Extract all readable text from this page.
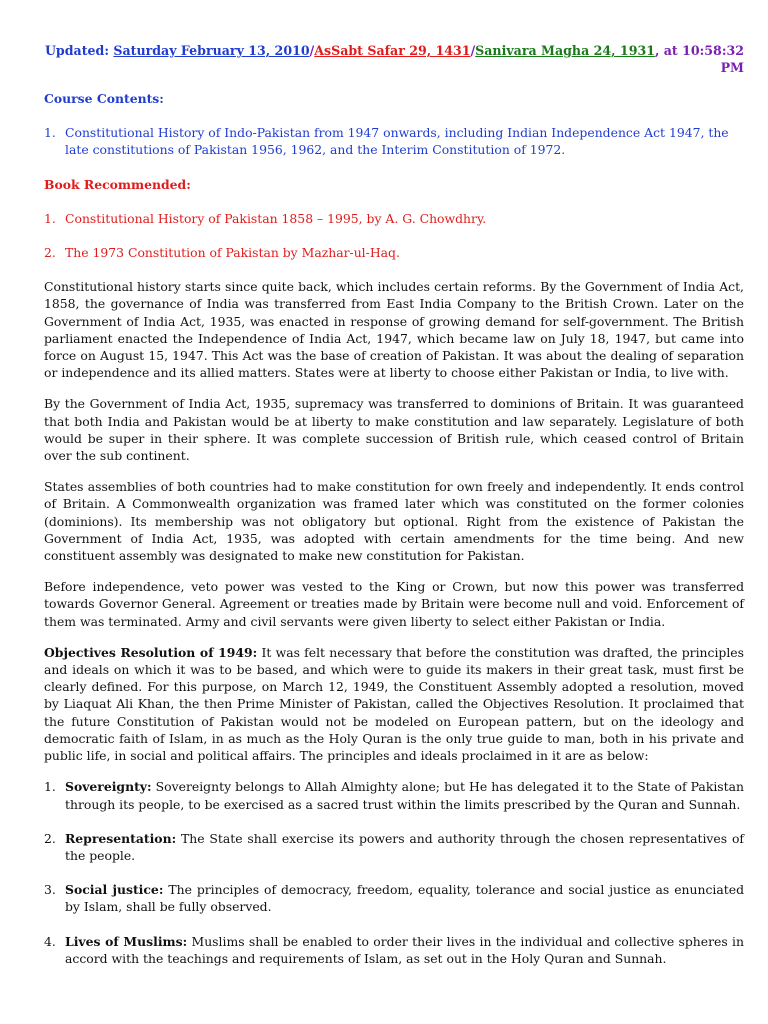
Updated: Saturday February 13, 2010/AsSabt Safar 29, 1431/Sanivara Magha 24, 1931, at 10:58:32 PM
Course Contents:
1. Constitutional History of Indo-Pakistan from 1947 onwards, including Indian Independence Act 1947, the late constitutions of Pakistan 1956, 1962, and the Interim Constitution of 1972.
Book Recommended:
1. Constitutional History of Pakistan 1858 – 1995, by A. G. Chowdhry.
2. The 1973 Constitution of Pakistan by Mazhar-ul-Haq.

Constitutional history starts since quite back, which includes certain reforms. By the Government of India Act, 1858, the governance of India was transferred from East India Company to the British Crown. Later on the Government of India Act, 1935, was enacted in response of growing demand for self-government. The British parliament enacted the Independence of India Act, 1947, which became law on July 18, 1947, but came into force on August 15, 1947. This Act was the base of creation of Pakistan. It was about the dealing of separation or independence and its allied matters. States were at liberty to choose either Pakistan or India, to live with.

By the Government of India Act, 1935, supremacy was transferred to dominions of Britain. It was guaranteed that both India and Pakistan would be at liberty to make constitution and law separately. Legislature of both would be super in their sphere. It was complete succession of British rule, which ceased control of Britain over the sub continent.

States assemblies of both countries had to make constitution for own freely and independently. It ends control of Britain. A Commonwealth organization was framed later which was constituted on the former colonies (dominions). Its membership was not obligatory but optional. Right from the existence of Pakistan the Government of India Act, 1935, was adopted with certain amendments for the time being. And new constituent assembly was designated to make new constitution for Pakistan.

Before independence, veto power was vested to the King or Crown, but now this power was transferred towards Governor General. Agreement or treaties made by Britain were become null and void. Enforcement of them was terminated. Army and civil servants were given liberty to select either Pakistan or India.

Objectives Resolution of 1949: It was felt necessary that before the constitution was drafted, the principles and ideals on which it was to be based, and which were to guide its makers in their great task, must first be clearly defined. For this purpose, on March 12, 1949, the Constituent Assembly adopted a resolution, moved by Liaquat Ali Khan, the then Prime Minister of Pakistan, called the Objectives Resolution. It proclaimed that the future Constitution of Pakistan would not be modeled on European pattern, but on the ideology and democratic faith of Islam, in as much as the Holy Quran is the only true guide to man, both in his private and public life, in social and political affairs. The principles and ideals proclaimed in it are as below:

1. Sovereignty: Sovereignty belongs to Allah Almighty alone; but He has delegated it to the State of Pakistan through its people, to be exercised as a sacred trust within the limits prescribed by the Quran and Sunnah.
2. Representation: The State shall exercise its powers and authority through the chosen representatives of the people.
3. Social justice: The principles of democracy, freedom, equality, tolerance and social justice as enunciated by Islam, shall be fully observed.
4. Lives of Muslims: Muslims shall be enabled to order their lives in the individual and collective spheres in accord with the teachings and requirements of Islam, as set out in the Holy Quran and Sunnah.
